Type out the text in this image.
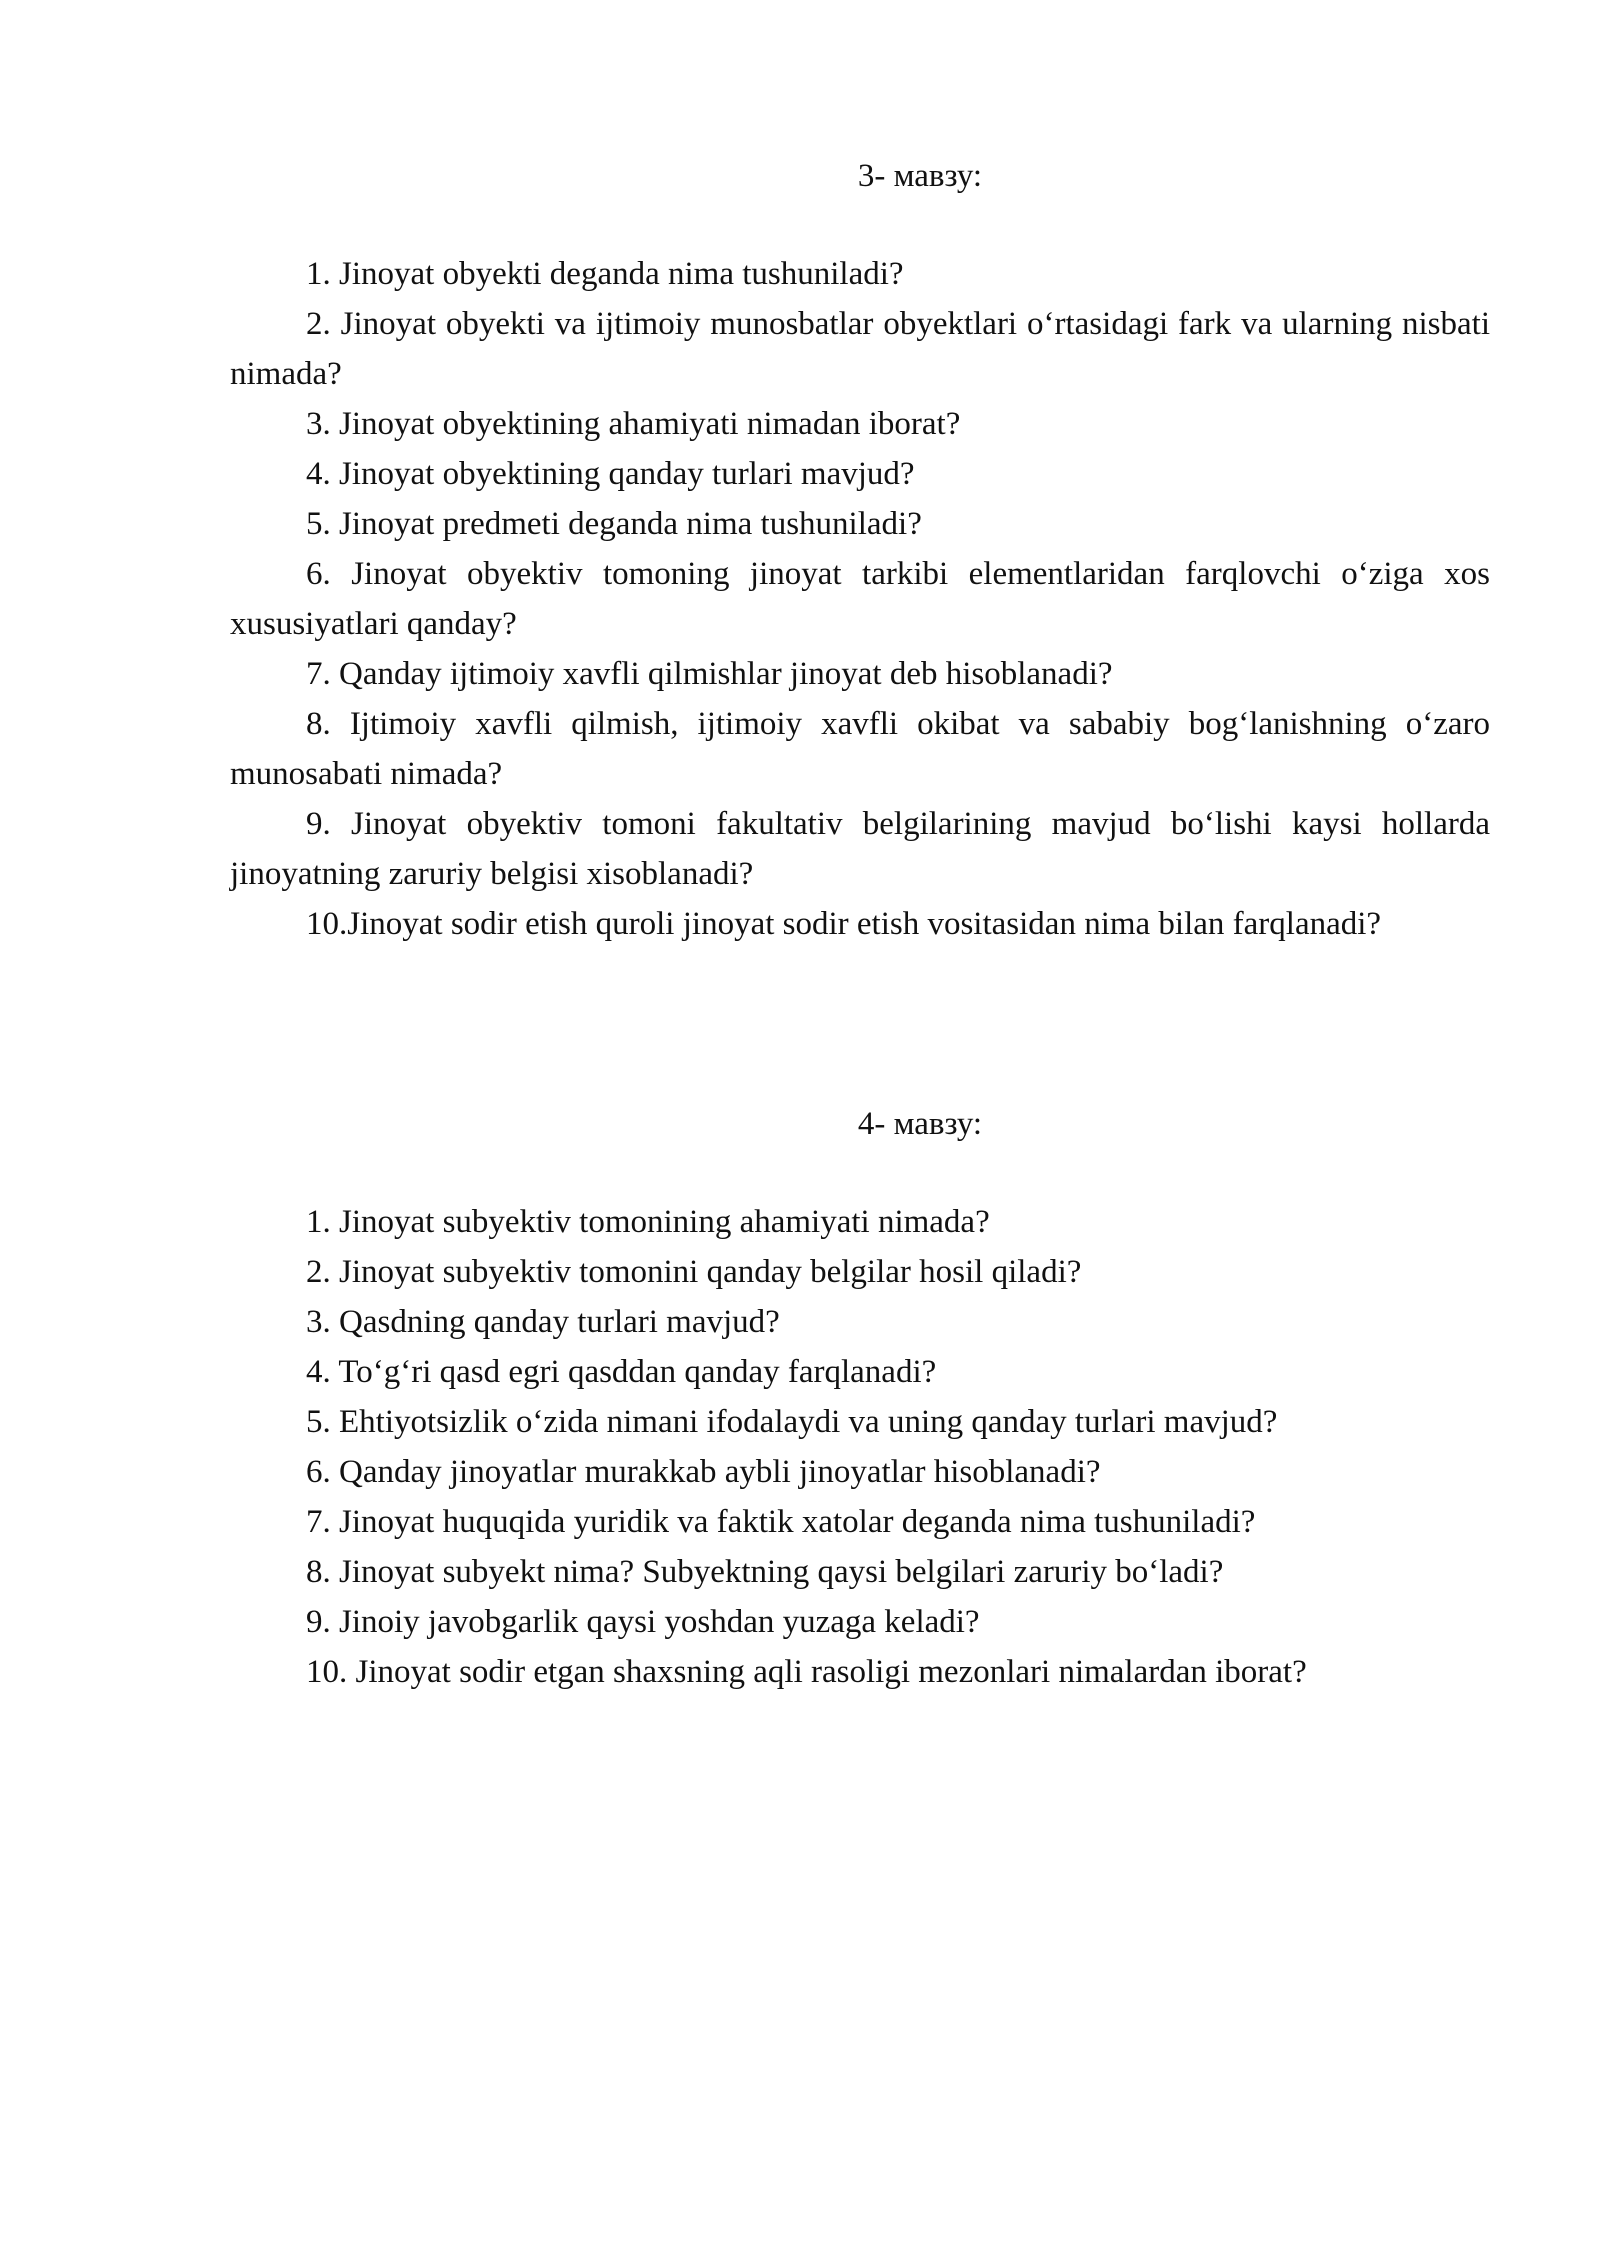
3- мавзу:
1. Jinoyat obyekti deganda nima tushuniladi?
2. Jinoyat obyekti va ijtimoiy munosbatlar obyektlari o‘rtasidagi fark va ularning nisbati nimada?
3. Jinoyat obyektining ahamiyati nimadan iborat?
4. Jinoyat obyektining qanday turlari mavjud?
5. Jinoyat predmeti deganda nima tushuniladi?
6. Jinoyat obyektiv tomoning jinoyat tarkibi elementlaridan farqlovchi o‘ziga xos xususiyatlari qanday?
7. Qanday ijtimoiy xavfli qilmishlar jinoyat deb hisoblanadi?
8. Ijtimoiy xavfli qilmish, ijtimoiy xavfli okibat va sababiy bog‘lanishning o‘zaro munosabati nimada?
9. Jinoyat obyektiv tomoni fakultativ belgilarining mavjud bo‘lishi kaysi hollarda jinoyatning zaruriy belgisi xisoblanadi?
10.Jinoyat sodir etish quroli jinoyat sodir etish vositasidan nima bilan farqlanadi?
4- мавзу:
1. Jinoyat subyektiv tomonining ahamiyati nimada?
2. Jinoyat subyektiv tomonini qanday belgilar hosil qiladi?
3. Qasdning qanday turlari mavjud?
4. To‘g‘ri qasd egri qasddan qanday farqlanadi?
5. Ehtiyotsizlik o‘zida nimani ifodalaydi va uning qanday turlari mavjud?
6. Qanday jinoyatlar murakkab aybli jinoyatlar hisoblanadi?
7. Jinoyat huquqida yuridik va faktik xatolar deganda nima tushuniladi?
8. Jinoyat subyekt nima? Subyektning qaysi belgilari zaruriy bo‘ladi?
9. Jinoiy javobgarlik qaysi yoshdan yuzaga keladi?
10. Jinoyat sodir etgan shaxsning aqli rasoligi mezonlari nimalardan iborat?
